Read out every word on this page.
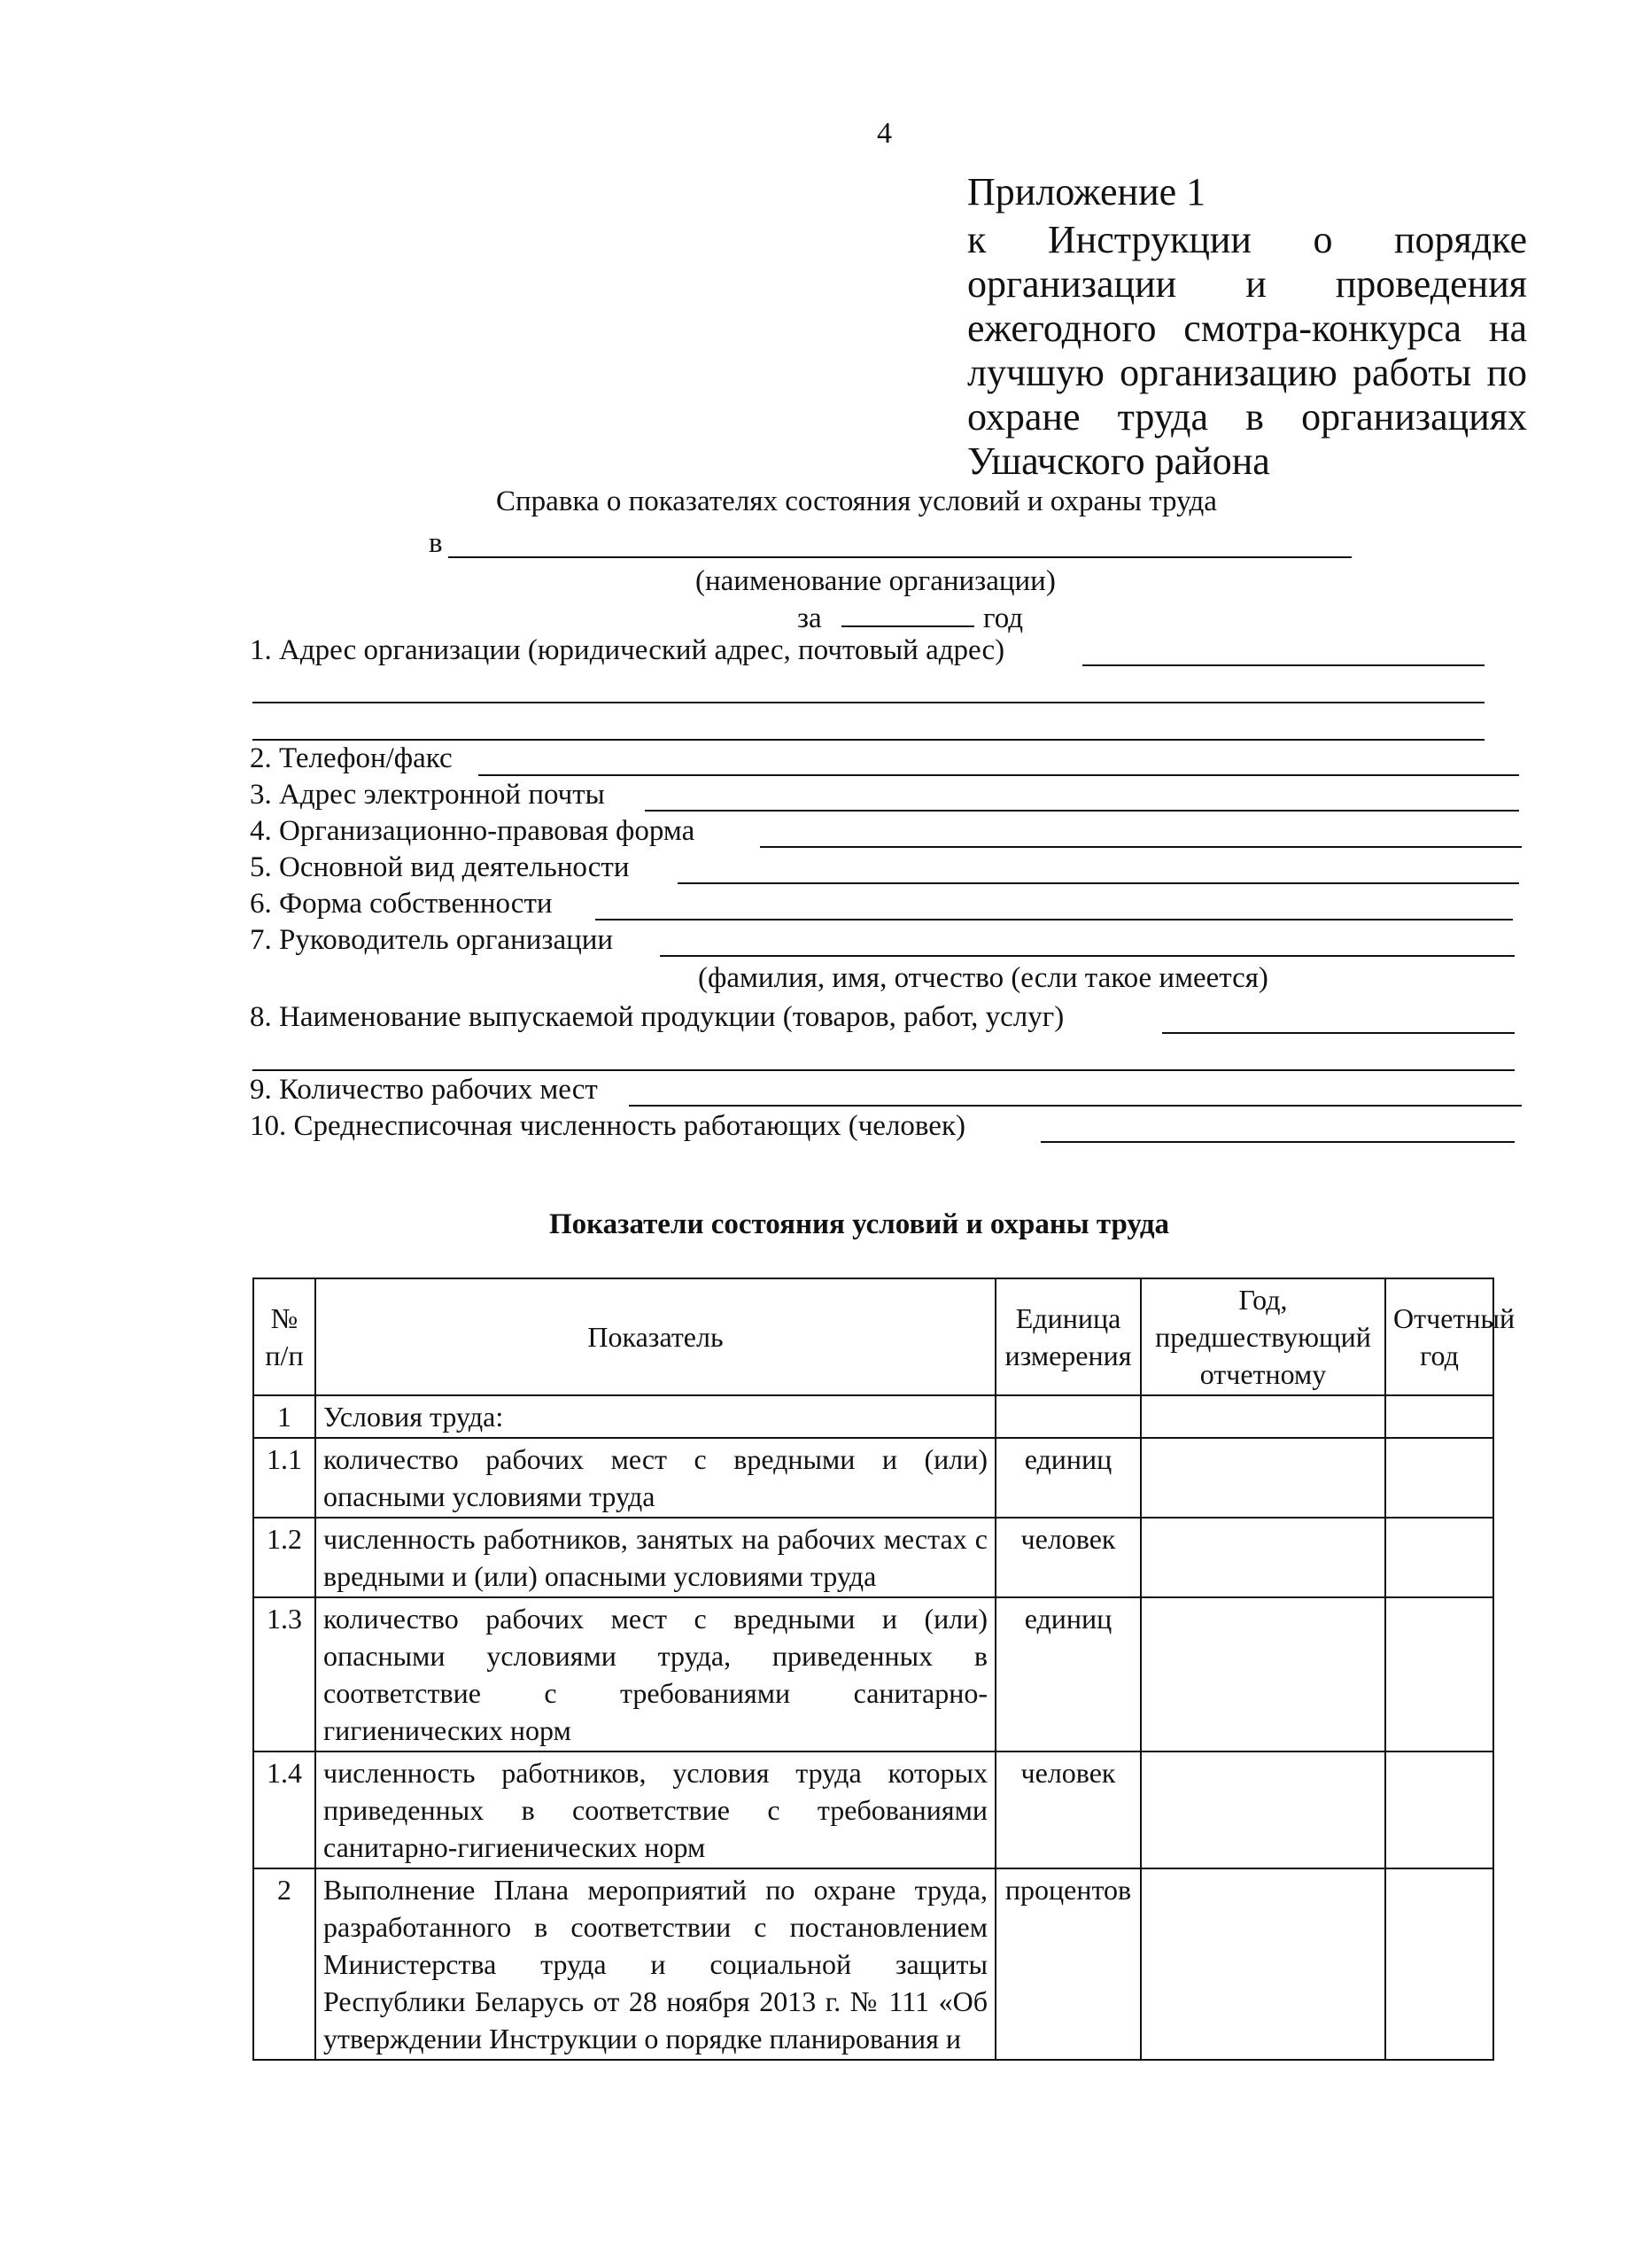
4
Приложение 1
к Инструкции о порядке
организации и проведения
ежегодного смотра-конкурса на
лучшую организацию работы по
охране труда в организациях
Ушачского района
Справка о показателях состояния условий и охраны труда
в
(наименование организации)
за	год
1. Адрес организации (юридический адрес, почтовый адрес)
2. Телефон/факс
3. Адрес электронной почты
4. Организационно-правовая форма
5. Основной вид деятельности
6. Форма собственности
7. Руководитель организации
(фамилия, имя, отчество (если такое имеется)
8. Наименование выпускаемой продукции (товаров, работ, услуг)
9. Количество рабочих мест
10. Среднесписочная численность работающих (человек)
Показатели состояния условий и охраны труда
№ п/п	Показатель	Единица измерения	Год, предшествующий отчетному	Отчетный год
1	Условия труда:			
1.1	количество рабочих мест с вредными и (или) опасными условиями труда	единиц		
1.2	численность работников, занятых на рабочих местах с вредными и (или) опасными условиями труда	человек		
1.3	количество рабочих мест с вредными и (или) опасными условиями труда, приведенных в соответствие с требованиями санитарно-гигиенических норм	единиц		
1.4	численность работников, условия труда которых приведенных в соответствие с требованиями санитарно-гигиенических норм	человек		
2	Выполнение Плана мероприятий по охране труда, разработанного в соответствии с постановлением Министерства труда и социальной защиты Республики Беларусь от 28 ноября 2013 г. № 111 «Об утверждении Инструкции о порядке планирования и	процентов		
